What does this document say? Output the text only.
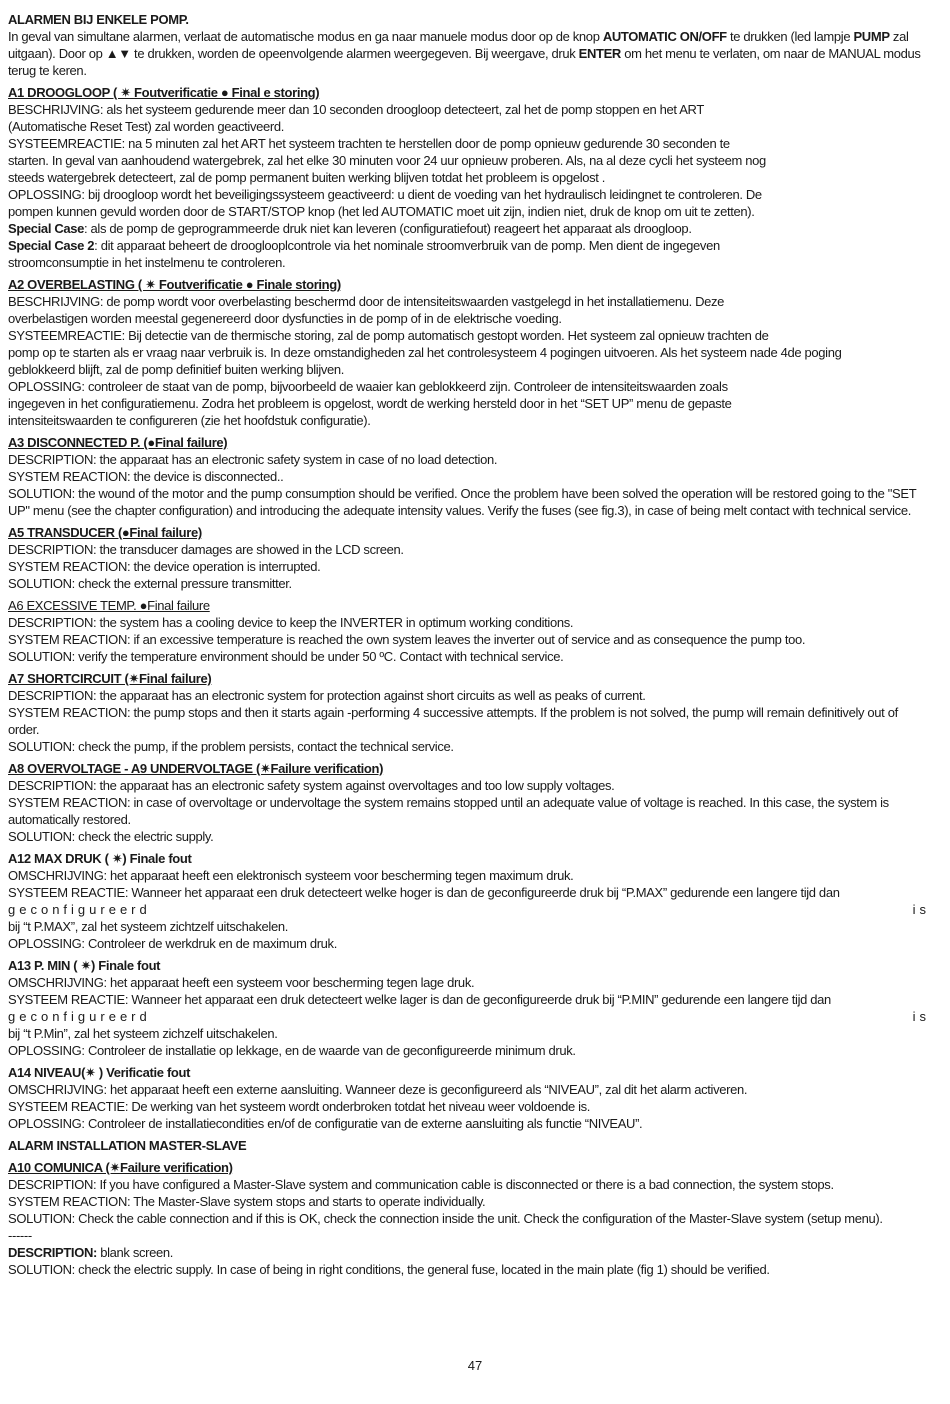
ALARMEN BIJ ENKELE POMP.

In geval van simultane alarmen, verlaat de automatische modus en ga naar manuele modus door op de knop AUTOMATIC ON/OFF te drukken (led lampje PUMP zal uitgaan). Door op ▲▼ te drukken, worden de opeenvolgende alarmen weergegeven. Bij weergave, druk ENTER om het menu te verlaten, om naar de MANUAL modus terug te keren.

A1 DROOGLOOP ( ✷ Foutverificatie ● Final e storing)

BESCHRIJVING: als het systeem gedurende meer dan 10 seconden droogloop detecteert, zal het de pomp stoppen en het ART

(Automatische Reset Test) zal worden geactiveerd.

SYSTEEMREACTIE: na 5 minuten zal het ART het systeem trachten te herstellen door de pomp opnieuw gedurende 30 seconden te

starten. In geval van aanhoudend watergebrek, zal het elke 30 minuten voor 24 uur opnieuw proberen. Als, na al deze cycli het systeem nog

steeds watergebrek detecteert, zal de pomp permanent buiten werking blijven totdat het probleem is opgelost .

OPLOSSING: bij droogloop wordt het beveiligingssysteem geactiveerd: u dient de voeding van het hydraulisch leidingnet te controleren. De

pompen kunnen gevuld worden door de START/STOP knop (het led AUTOMATIC moet uit zijn, indien niet, druk de knop om uit te zetten).

Special Case: als de pomp de geprogrammeerde druk niet kan leveren (configuratiefout) reageert het apparaat als droogloop.

Special Case 2: dit apparaat beheert de drooglooplcontrole via het nominale stroomverbruik van de pomp. Men dient de ingegeven

stroomconsumptie in het instelmenu te controleren.

A2 OVERBELASTING ( ✷ Foutverificatie ● Finale storing)

BESCHRIJVING: de pomp wordt voor overbelasting beschermd door de intensiteitswaarden vastgelegd in het installatiemenu. Deze

overbelastigen worden meestal gegenereerd door dysfuncties in de pomp of in de elektrische voeding.

SYSTEEMREACTIE: Bij detectie van de thermische storing, zal de pomp automatisch gestopt worden. Het systeem zal opnieuw trachten de

pomp op te starten als er vraag naar verbruik is. In deze omstandigheden zal het controlesysteem 4 pogingen uitvoeren. Als het systeem nade 4de poging

geblokkeerd blijft, zal de pomp definitief buiten werking blijven.

OPLOSSING: controleer de staat van de pomp, bijvoorbeeld de waaier kan geblokkeerd zijn. Controleer de intensiteitswaarden zoals

ingegeven in het configuratiemenu. Zodra het probleem is opgelost, wordt de werking hersteld door in het “SET UP” menu de gepaste

intensiteitswaarden te configureren (zie het hoofdstuk configuratie).

A3 DISCONNECTED P. (●Final failure)

DESCRIPTION: the apparaat has an electronic safety system in case of no load detection.

SYSTEM REACTION: the device is disconnected..

SOLUTION: the wound of the motor and the pump consumption should be verified. Once the problem have been solved the operation will be restored going to the "SET UP" menu (see the chapter configuration) and introducing the adequate intensity values. Verify the fuses (see fig.3), in case of being melt contact with technical service.

A5 TRANSDUCER (●Final failure)

DESCRIPTION: the transducer damages are showed in the LCD screen.

SYSTEM REACTION: the device operation is interrupted.

SOLUTION: check the external pressure transmitter.

A6 EXCESSIVE TEMP. ●Final failure

DESCRIPTION: the system has a cooling device to keep the INVERTER in optimum working conditions.

SYSTEM REACTION: if an excessive temperature is reached the own system leaves the inverter out of service and as consequence the pump too.

SOLUTION: verify the temperature environment should be under 50 ºC. Contact with technical service.

A7 SHORTCIRCUIT (✷Final failure)

DESCRIPTION: the apparaat has an electronic system for protection against short circuits as well as peaks of current.

SYSTEM REACTION: the pump stops and then it starts again -performing 4 successive attempts. If the problem is not solved, the pump will remain definitively out of order.

SOLUTION: check the pump, if the problem persists, contact the technical service.

A8 OVERVOLTAGE - A9 UNDERVOLTAGE (✷Failure verification)

DESCRIPTION: the apparaat has an electronic safety system against overvoltages and too low supply voltages.

SYSTEM REACTION: in case of overvoltage or undervoltage the system remains stopped until an adequate value of voltage is reached. In this case, the system is automatically restored.

SOLUTION: check the electric supply.

A12 MAX DRUK ( ✷) Finale fout

OMSCHRIJVING: het apparaat heeft een elektronisch systeem voor bescherming tegen maximum druk.

SYSTEEM REACTIE: Wanneer het apparaat een druk detecteert welke hoger is dan de geconfigureerde druk bij “P.MAX” gedurende een langere tijd dan

geconfigureerd	is

bij “t P.MAX”, zal het systeem zichtzelf uitschakelen.

OPLOSSING: Controleer de werkdruk en de maximum druk.

A13 P. MIN ( ✷) Finale fout

OMSCHRIJVING: het apparaat heeft een systeem voor bescherming tegen lage druk.

SYSTEEM REACTIE: Wanneer het apparaat een druk detecteert welke lager is dan de geconfigureerde druk bij “P.MIN” gedurende een langere tijd dan

geconfigureerd	is

bij “t P.Min”, zal het systeem zichzelf uitschakelen.

OPLOSSING: Controleer de installatie op lekkage, en de waarde van de geconfigureerde minimum druk.

A14 NIVEAU(✷ ) Verificatie fout

OMSCHRIJVING: het apparaat heeft een externe aansluiting. Wanneer deze is geconfigureerd als “NIVEAU”, zal dit het alarm activeren.

SYSTEEM REACTIE: De werking van het systeem wordt onderbroken totdat het niveau weer voldoende is.

OPLOSSING: Controleer de installatiecondities en/of de configuratie van de externe aansluiting als functie “NIVEAU”.

ALARM INSTALLATION MASTER-SLAVE

A10 COMUNICA (✷Failure verification)

DESCRIPTION: If you have configured a Master-Slave system and communication cable is disconnected or there is a bad connection, the system stops.

SYSTEM REACTION: The Master-Slave system stops and starts to operate individually.

SOLUTION: Check the cable connection and if this is OK, check the connection inside the unit. Check the configuration of the Master-Slave system (setup menu).

------

DESCRIPTION: blank screen.

SOLUTION: check the electric supply. In case of being in right conditions, the general fuse, located in the main plate (fig 1) should be verified.

47
